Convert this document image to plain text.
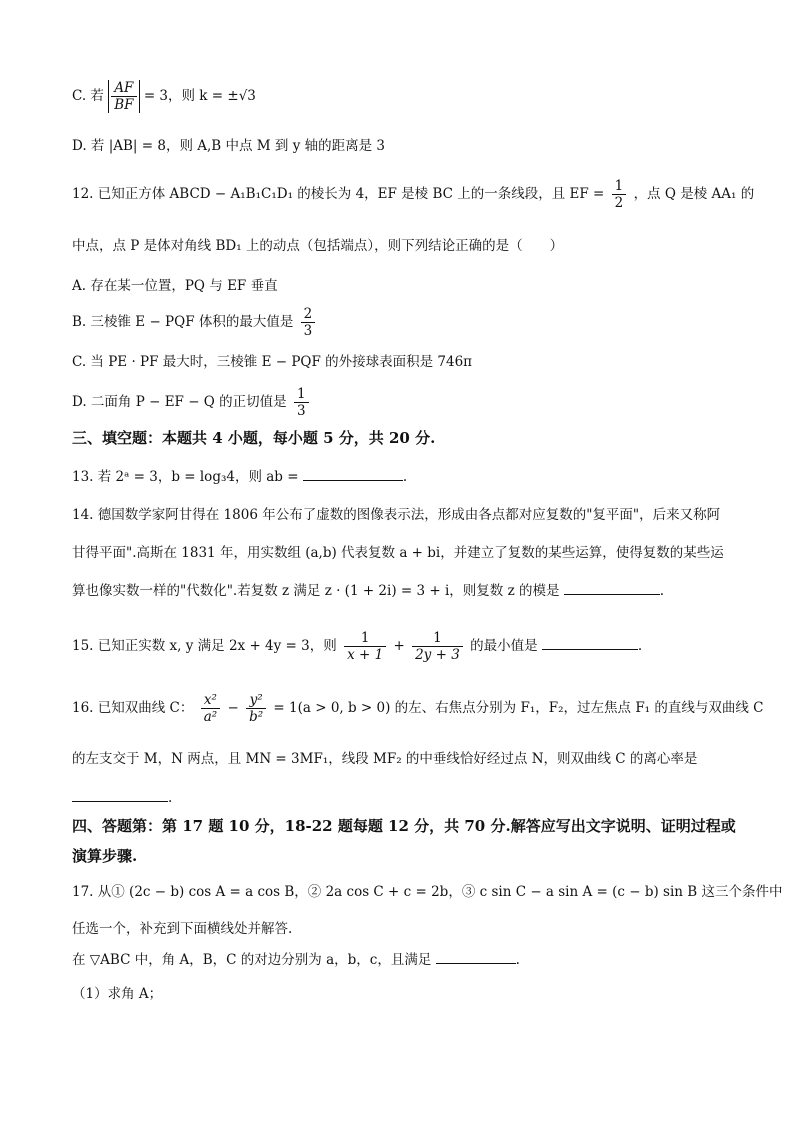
C. 若 $\frac{AF}{BF} = 3$，则 k = ±√3
D. 若 |AB| = 8，则 A,B 中点 M 到 y 轴的距离是 3
12. 已知正方体 ABCD − A₁B₁C₁D₁ 的棱长为 4，EF 是棱 BC 上的一条线段，且 EF = $\frac{1}{2}$ ，点 Q 是棱 AA₁ 的
中点，点 P 是体对角线 BD₁ 上的动点（包括端点），则下列结论正确的是（　　）
A. 存在某一位置，PQ 与 EF 垂直
B. 三棱锥 E − PQF 体积的最大值是 $\frac{2}{3}$
C. 当 PE · PF 最大时，三棱锥 E − PQF 的外接球表面积是 746π
D. 二面角 P − EF − Q 的正切值是 $\frac{1}{3}$
三、填空题：本题共 4 小题，每小题 5 分，共 20 分.
13. 若 2ᵃ = 3，b = log₃4，则 ab =	.
14. 德国数学家阿甘得在 1806 年公布了虚数的图像表示法，形成由各点都对应复数的"复平面"，后来又称阿
甘得平面".高斯在 1831 年，用实数组 (a,b) 代表复数 a + bi，并建立了复数的某些运算，使得复数的某些运
算也像实数一样的"代数化".若复数 z 满足 z · (1 + 2i) = 3 + i，则复数 z 的模是	.
15. 已知正实数 x, y 满足 2x + 4y = 3，则 $\frac{1}{x + 1} + \frac{1}{2y + 3}$ 的最小值是	.
16. 已知双曲线 C： $\frac{\text{x²}}{\text{a²}} - \frac{\text{y²}}{\text{b²}} = 1(a > 0$, b > 0) 的左、右焦点分别为 F₁，F₂，过左焦点 F₁ 的直线与双曲线 C
的左支交于 M，N 两点，且 MN = 3MF₁，线段 MF₂ 的中垂线恰好经过点 N，则双曲线 C 的离心率是
.
四、答题第：第 17 题 10 分，18-22 题每题 12 分，共 70 分.解答应写出文字说明、证明过程或
演算步骤.
17. 从① (2c − b) cos A = a cos B，② 2a cos C + c = 2b，③ c sin C − a sin A = (c − b) sin B 这三个条件中
任选一个，补充到下面横线处并解答.
在 ▽ABC 中，角 A，B，C 的对边分别为 a，b，c，且满足	.
（1）求角 A；
